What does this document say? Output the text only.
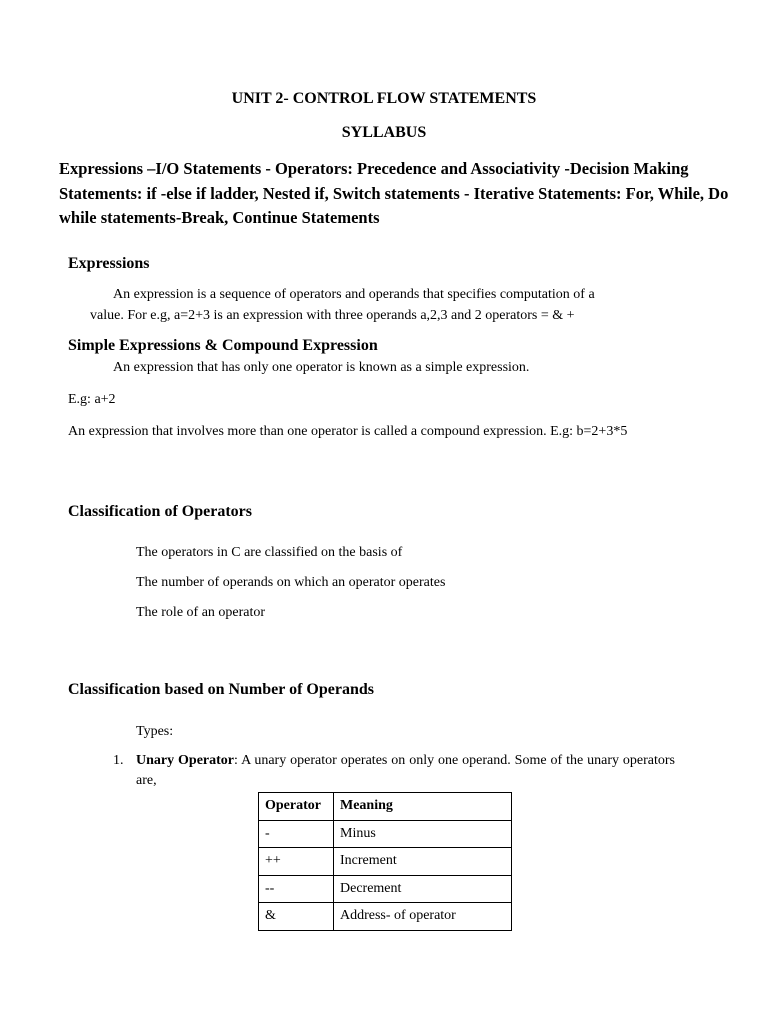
UNIT 2- CONTROL FLOW STATEMENTS
SYLLABUS
Expressions –I/O Statements - Operators: Precedence and Associativity -Decision Making Statements: if -else if ladder, Nested if, Switch statements - Iterative Statements: For, While, Do while statements-Break, Continue Statements
Expressions
An expression is a sequence of operators and operands that specifies computation of a
value. For e.g, a=2+3 is an expression with three operands a,2,3 and 2 operators = & +
Simple Expressions & Compound Expression
An expression that has only one operator is known as a simple expression.
E.g: a+2
An expression that involves more than one operator is called a compound expression. E.g: b=2+3*5
Classification of Operators
The operators in C are classified on the basis of
The number of operands on which an operator operates
The role of an operator
Classification based on Number of Operands
Types:
1. Unary Operator: A unary operator operates on only one operand. Some of the unary operators are,
Operator	Meaning
-	Minus
++	Increment
--	Decrement
&	Address- of operator
